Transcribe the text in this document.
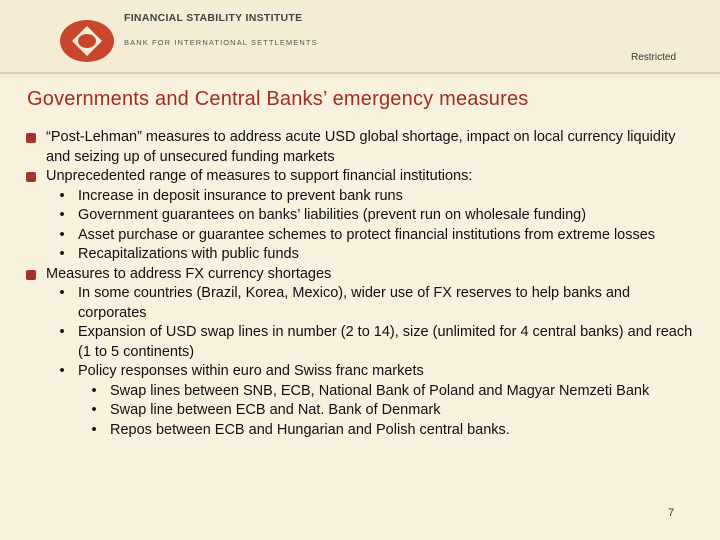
FINANCIAL STABILITY INSTITUTE
BANK FOR INTERNATIONAL SETTLEMENTS
Restricted
Governments and Central Banks’ emergency measures
“Post-Lehman” measures to address acute USD global shortage, impact on local currency liquidity and seizing up of unsecured funding markets
Unprecedented range of measures to support financial institutions:
• Increase in deposit insurance to prevent bank runs
• Government guarantees on banks’ liabilities (prevent run on wholesale funding)
• Asset purchase or guarantee schemes to protect financial institutions from extreme losses
• Recapitalizations with public funds
Measures to address FX currency shortages
• In some countries (Brazil, Korea, Mexico), wider use of FX reserves to help banks and corporates
• Expansion of USD swap lines in number (2 to 14), size (unlimited for 4 central banks) and reach (1 to 5 continents)
• Policy responses within euro and Swiss franc markets
• Swap lines between SNB, ECB, National Bank of Poland and Magyar Nemzeti Bank
• Swap line between ECB and Nat. Bank of Denmark
• Repos between ECB and Hungarian and Polish central banks.
7
